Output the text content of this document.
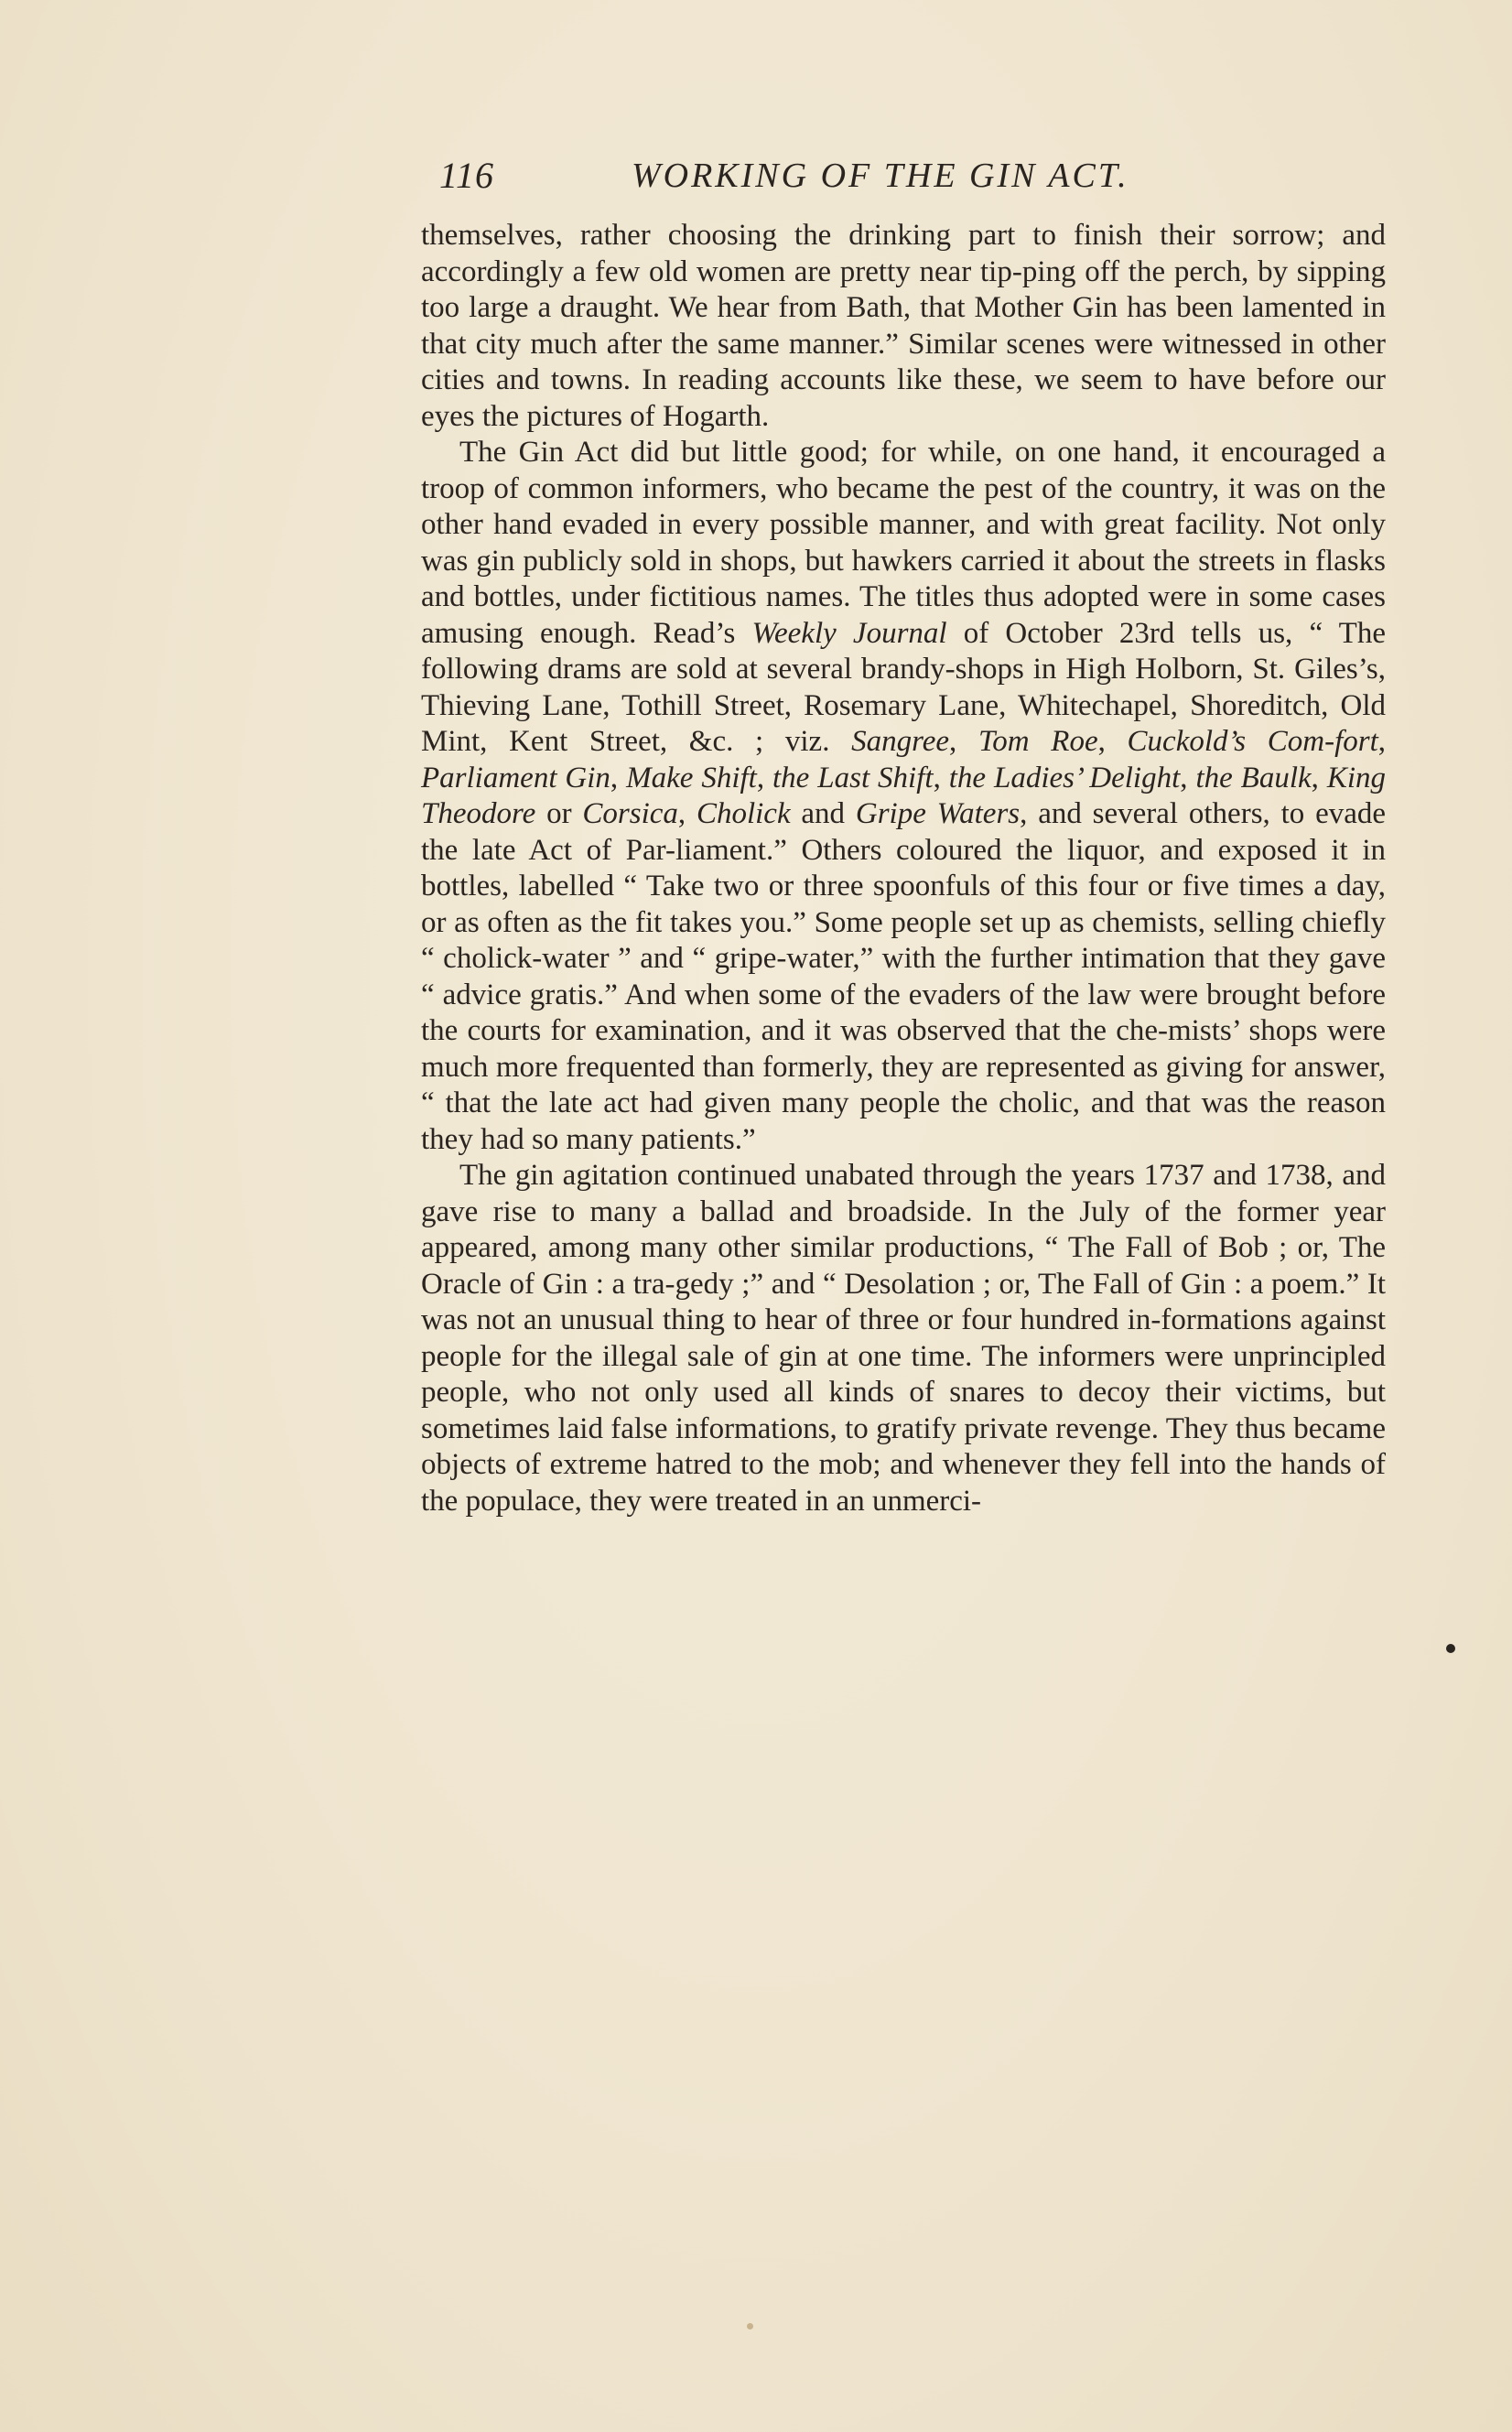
116	WORKING OF THE GIN ACT.

themselves, rather choosing the drinking part to finish their sorrow; and accordingly a few old women are pretty near tip-ping off the perch, by sipping too large a draught. We hear from Bath, that Mother Gin has been lamented in that city much after the same manner.” Similar scenes were witnessed in other cities and towns. In reading accounts like these, we seem to have before our eyes the pictures of Hogarth.

The Gin Act did but little good; for while, on one hand, it encouraged a troop of common informers, who became the pest of the country, it was on the other hand evaded in every possible manner, and with great facility. Not only was gin publicly sold in shops, but hawkers carried it about the streets in flasks and bottles, under fictitious names. The titles thus adopted were in some cases amusing enough. Read’s Weekly Journal of October 23rd tells us, “ The following drams are sold at several brandy-shops in High Holborn, St. Giles’s, Thieving Lane, Tothill Street, Rosemary Lane, Whitechapel, Shoreditch, Old Mint, Kent Street, &c. ; viz. Sangree, Tom Roe, Cuckold’s Com-fort, Parliament Gin, Make Shift, the Last Shift, the Ladies’ Delight, the Baulk, King Theodore or Corsica, Cholick and Gripe Waters, and several others, to evade the late Act of Par-liament.” Others coloured the liquor, and exposed it in bottles, labelled “ Take two or three spoonfuls of this four or five times a day, or as often as the fit takes you.” Some people set up as chemists, selling chiefly “ cholick-water ” and “ gripe-water,” with the further intimation that they gave “ advice gratis.” And when some of the evaders of the law were brought before the courts for examination, and it was observed that the che-mists’ shops were much more frequented than formerly, they are represented as giving for answer, “ that the late act had given many people the cholic, and that was the reason they had so many patients.”

The gin agitation continued unabated through the years 1737 and 1738, and gave rise to many a ballad and broadside. In the July of the former year appeared, among many other similar productions, “ The Fall of Bob ; or, The Oracle of Gin : a tra-gedy ;” and “ Desolation ; or, The Fall of Gin : a poem.” It was not an unusual thing to hear of three or four hundred in-formations against people for the illegal sale of gin at one time. The informers were unprincipled people, who not only used all kinds of snares to decoy their victims, but sometimes laid false informations, to gratify private revenge. They thus became objects of extreme hatred to the mob; and whenever they fell into the hands of the populace, they were treated in an unmerci-
